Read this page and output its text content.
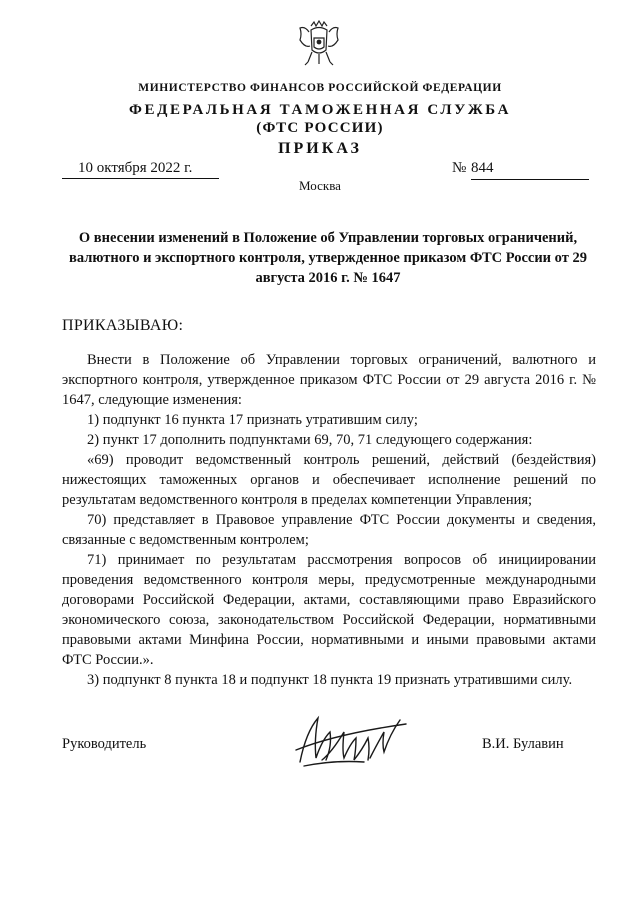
МИНИСТЕРСТВО ФИНАНСОВ РОССИЙСКОЙ ФЕДЕРАЦИИ
ФЕДЕРАЛЬНАЯ ТАМОЖЕННАЯ СЛУЖБА
(ФТС РОССИИ)
ПРИКАЗ
10 октября 2022 г.	№ 844
Москва
О внесении изменений в Положение об Управлении торговых ограничений, валютного и экспортного контроля, утвержденное приказом ФТС России от 29 августа 2016 г. № 1647
ПРИКАЗЫВАЮ:

Внести в Положение об Управлении торговых ограничений, валютного и экспортного контроля, утвержденное приказом ФТС России от 29 августа 2016 г. № 1647, следующие изменения:

1) подпункт 16 пункта 17 признать утратившим силу;

2) пункт 17 дополнить подпунктами 69, 70, 71 следующего содержания:

«69) проводит ведомственный контроль решений, действий (бездействия) нижестоящих таможенных органов и обеспечивает исполнение решений по результатам ведомственного контроля в пределах компетенции Управления;

70) представляет в Правовое управление ФТС России документы и сведения, связанные с ведомственным контролем;

71) принимает по результатам рассмотрения вопросов об инициировании проведения ведомственного контроля меры, предусмотренные международными договорами Российской Федерации, актами, составляющими право Евразийского экономического союза, законодательством Российской Федерации, нормативными правовыми актами Минфина России, нормативными и иными правовыми актами ФТС России.».

3) подпункт 8 пункта 18 и подпункт 18 пункта 19 признать утратившими силу.

Руководитель	В.И. Булавин
